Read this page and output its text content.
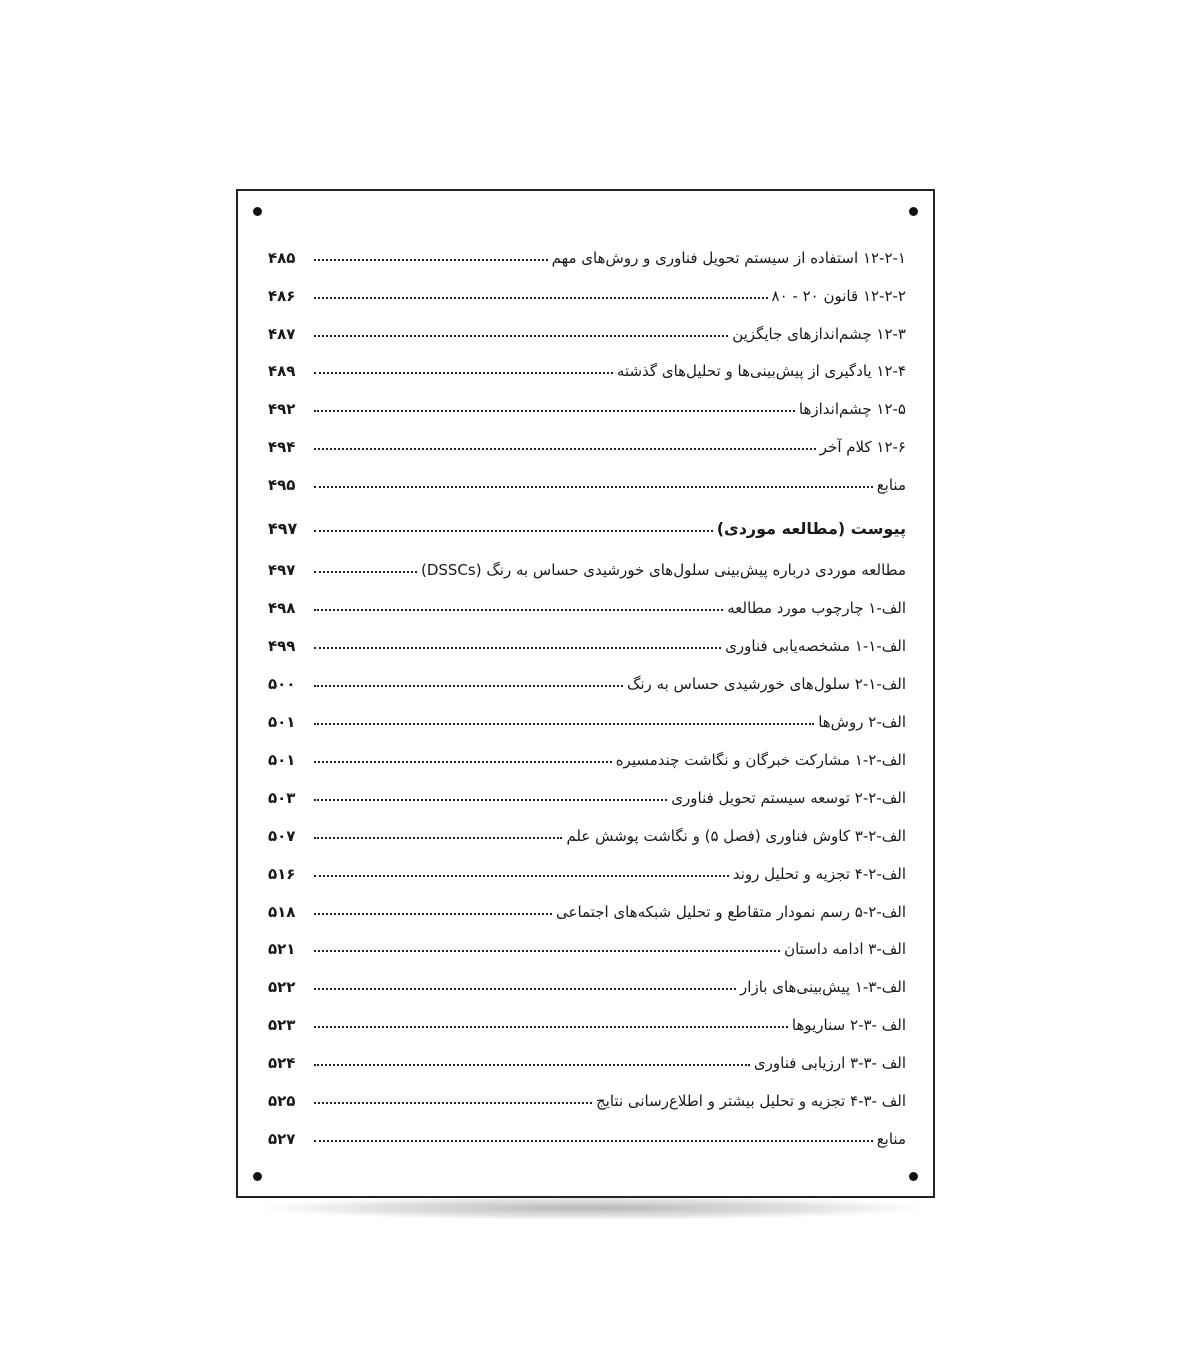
۱۲-۲-۱ استفاده از سیستم تحویل فناوری و روش‌های مهم
۴۸۵
۱۲-۲-۲ قانون ۲۰ - ۸۰
۴۸۶
۱۲-۳ چشم‌اندازهای جایگزین
۴۸۷
۱۲-۴ یادگیری از پیش‌بینی‌ها و تحلیل‌های گذشته
۴۸۹
۱۲-۵ چشم‌اندازها
۴۹۲
۱۲-۶ کلام آخر
۴۹۴
منابع
۴۹۵
پیوست (مطالعه موردی)
۴۹۷
مطالعه موردی درباره پیش‌بینی سلول‌های خورشیدی حساس به رنگ (DSSCs)
۴۹۷
الف-۱ چارچوب مورد مطالعه
۴۹۸
الف-۱-۱ مشخصه‌یابی فناوری
۴۹۹
الف-۱-۲ سلول‌های خورشیدی حساس به رنگ
۵۰۰
الف-۲ روش‌ها
۵۰۱
الف-۲-۱ مشارکت خبرگان و نگاشت چندمسیره
۵۰۱
الف-۲-۲ توسعه سیستم تحویل فناوری
۵۰۳
الف-۲-۳ کاوش فناوری (فصل ۵) و نگاشت پوشش علم
۵۰۷
الف-۲-۴ تجزیه و تحلیل روند
۵۱۶
الف-۲-۵ رسم نمودار متقاطع و تحلیل شبکه‌های اجتماعی
۵۱۸
الف-۳ ادامه داستان
۵۲۱
الف-۳-۱ پیش‌بینی‌های بازار
۵۲۲
الف -۳-۲ سناریوها
۵۲۳
الف -۳-۳ ارزیابی فناوری
۵۲۴
الف -۳-۴ تجزیه و تحلیل بیشتر و اطلاع‌رسانی نتایج
۵۲۵
منابع
۵۲۷
